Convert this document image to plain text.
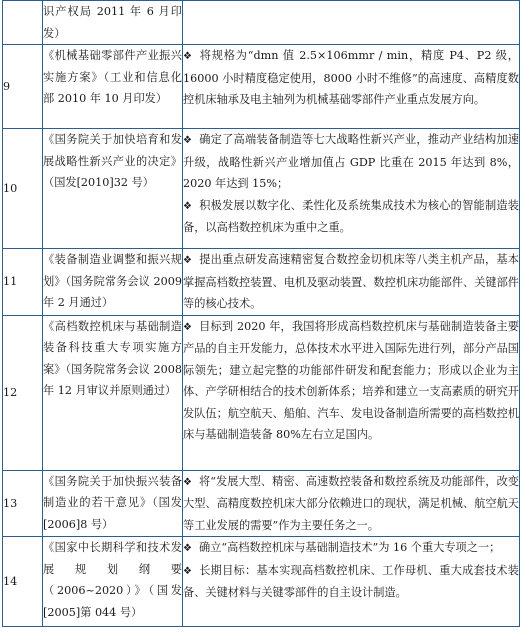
	识产权局 2011 年 6 月印发）	
9	《机械基础零部件产业振兴实施方案》（工业和信息化部 2010 年 10 月印发）	❖ 将规格为“dmn 值 2.5×106mmr / min，精度 P4、P2 级，16000 小时精度稳定使用，8000 小时不维修”的高速度、高精度数控机床轴承及电主轴列为机械基础零部件产业重点发展方向。

10	《国务院关于加快培育和发展战略性新兴产业的决定》（国发[2010]32 号）	❖ 确定了高端装备制造等七大战略性新兴产业，推动产业结构加速升级，战略性新兴产业增加值占 GDP 比重在 2015 年达到 8%，2020 年达到 15%；
❖ 积极发展以数字化、柔性化及系统集成技术为核心的智能制造装备，以高档数控机床为重中之重。

11	《装备制造业调整和振兴规划》（国务院常务会议 2009 年 2 月通过）	❖ 提出重点研发高速精密复合数控金切机床等八类主机产品，基本掌握高档数控装置、电机及驱动装置、数控机床功能部件、关键部件等的核心技术。

12	《高档数控机床与基础制造装备科技重大专项实施方案》（国务院常务会议 2008 年 12 月审议并原则通过）	❖ 目标到 2020 年，我国将形成高档数控机床与基础制造装备主要产品的自主开发能力，总体技术水平进入国际先进行列，部分产品国际领先；建立起完整的功能部件研发和配套能力；形成以企业为主体、产学研相结合的技术创新体系；培养和建立一支高素质的研究开发队伍；航空航天、船舶、汽车、发电设备制造所需要的高档数控机床与基础制造装备 80%左右立足国内。

13	《国务院关于加快振兴装备制造业的若干意见》（国发[2006]8 号）	❖ 将“发展大型、精密、高速数控装备和数控系统及功能部件，改变大型、高精度数控机床大部分依赖进口的现状，满足机械、航空航天等工业发展的需要”作为主要任务之一。

14	《国家中长期科学和技术发展规划纲要（2006~2020）》（国发[2005]第 044 号）	❖ 确立“高档数控机床与基础制造技术”为 16 个重大专项之一；
❖ 长期目标：基本实现高档数控机床、工作母机、重大成套技术装备、关键材料与关键零部件的自主设计制造。
